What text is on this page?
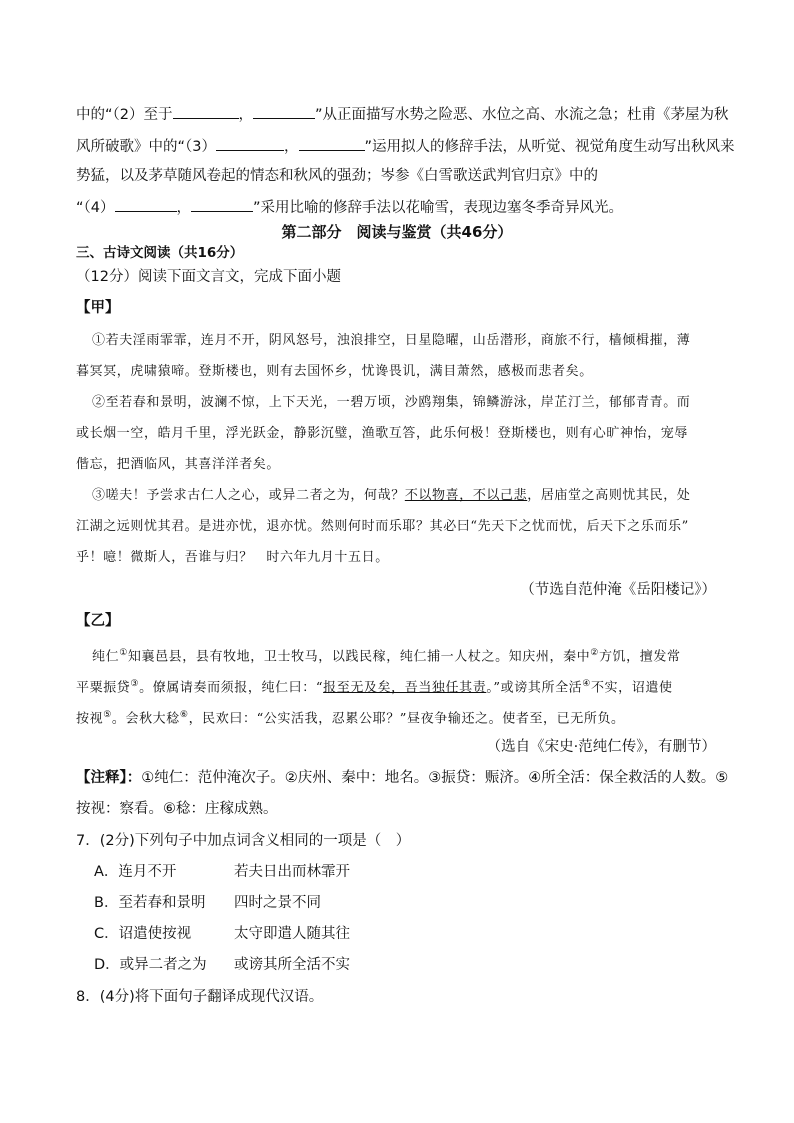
中的“（2）至于	，	”从正面描写水势之险恶、水位之高、水流之急；杜甫《茅屋为秋
风所破歌》中的“（3）	，	”运用拟人的修辞手法，从听觉、视觉角度生动写出秋风来
势猛，以及茅草随风卷起的情态和秋风的强劲；岑参《白雪歌送武判官归京》中的
“（4）	，	”采用比喻的修辞手法以花喻雪，表现边塞冬季奇异风光。
第二部分　阅读与鉴赏（共46分）
三、古诗文阅读（共16分）
（12分）阅读下面文言文，完成下面小题
【甲】
①若夫淫雨霏霏，连月不开，阴风怒号，浊浪排空，日星隐曜，山岳潜形，商旅不行，樯倾楫摧，薄
暮冥冥，虎啸猿啼。登斯楼也，则有去国怀乡，忧谗畏讥，满目萧然，感极而悲者矣。
②至若春和景明，波澜不惊，上下天光，一碧万顷，沙鸥翔集，锦鳞游泳，岸芷汀兰，郁郁青青。而
或长烟一空，皓月千里，浮光跃金，静影沉璧，渔歌互答，此乐何极！登斯楼也，则有心旷神怡，宠辱
偕忘，把酒临风，其喜洋洋者矣。
③嗟夫！予尝求古仁人之心，或异二者之为，何哉？不以物喜，不以己悲，居庙堂之高则忧其民，处
江湖之远则忧其君。是进亦忧，退亦忧。然则何时而乐耶？其必曰“先天下之忧而忧，后天下之乐而乐”
乎！噫！微斯人，吾谁与归？　时六年九月十五日。
（节选自范仲淹《岳阳楼记》）
【乙】
纯仁①知襄邑县，县有牧地，卫士牧马，以践民稼，纯仁捕一人杖之。知庆州，秦中②方饥，擅发常
平粟振贷③。僚属请奏而须报，纯仁曰：“报至无及矣，吾当独任其责。”或谤其所全活④不实，诏遣使
按视⑤。会秋大稔⑥，民欢曰：“公实活我，忍累公耶？”昼夜争输还之。使者至，已无所负。
（选自《宋史·范纯仁传》，有删节）
【注释】：①纯仁：范仲淹次子。②庆州、秦中：地名。③振贷：赈济。④所全活：保全救活的人数。⑤
按视：察看。⑥稔：庄稼成熟。
7．(2分)下列句子中加点词含义相同的一项是（　）
A．连月不开	若夫日出而林霏开
B．至若春和景明 四时之景不同
C．诏遣使按视	太守即遣人随其往
D．或异二者之为 或谤其所全活不实
8．(4分)将下面句子翻译成现代汉语。
